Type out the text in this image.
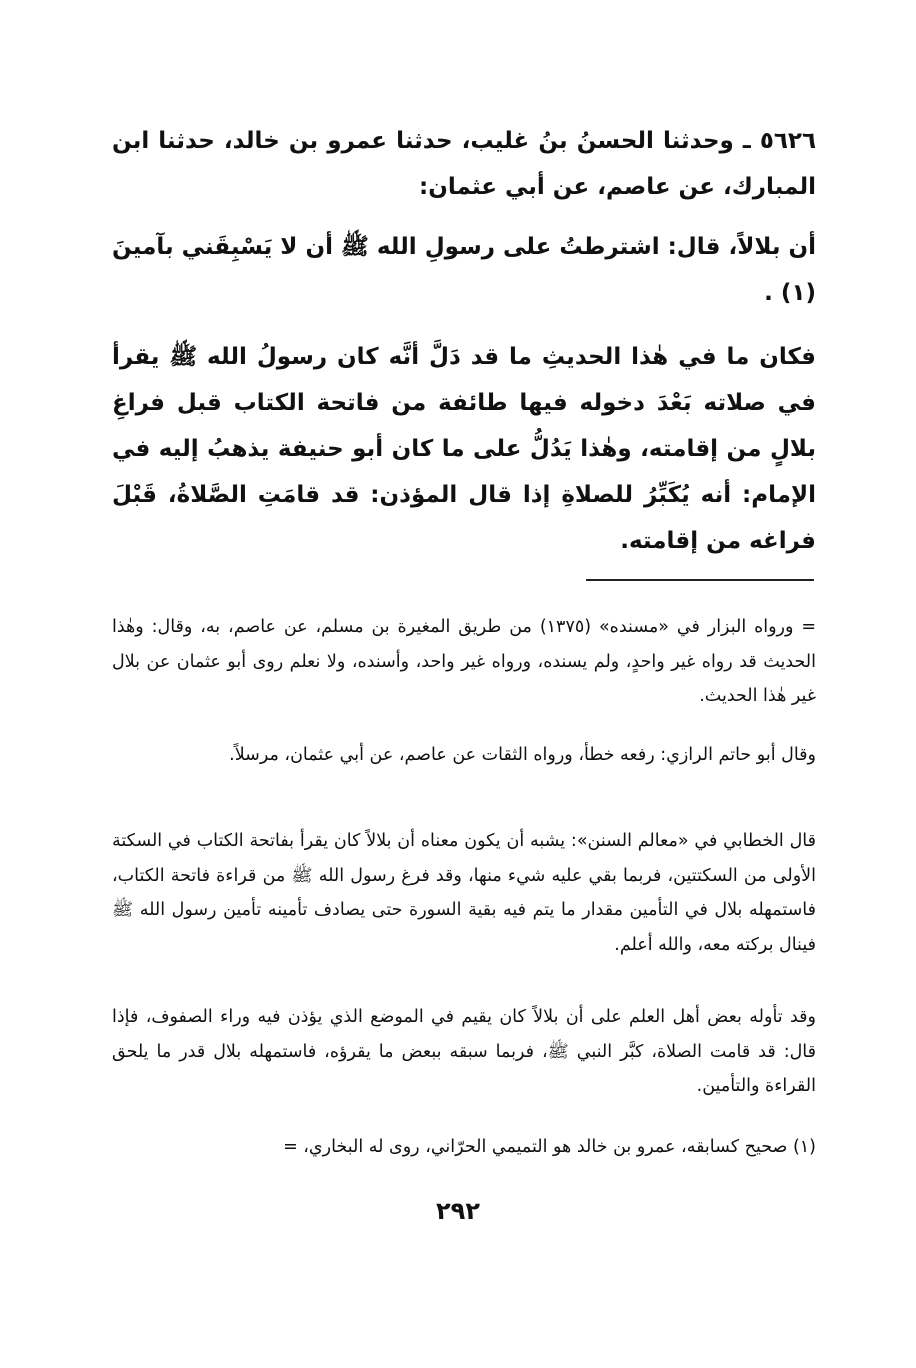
٥٦٢٦ ـ وحدثنا الحسنُ بنُ غليب، حدثنا عمرو بن خالد، حدثنا ابن المبارك، عن عاصم، عن أبي عثمان:

أن بلالاً، قال: اشترطتُ على رسولِ الله ﷺ أن لا يَسْبِقَني بآمينَ (١) .

فكان ما في هٰذا الحديثِ ما قد دَلَّ أنَّه كان رسولُ الله ﷺ يقرأ في صلاته بَعْدَ دخوله فيها طائفة من فاتحة الكتاب قبل فراغِ بلالٍ من إقامته، وهٰذا يَدُلُّ على ما كان أبو حنيفة يذهبُ إليه في الإمام: أنه يُكَبِّرُ للصلاةِ إذا قال المؤذن: قد قامَتِ الصَّلاةُ، قَبْلَ فراغه من إقامته.

= ورواه البزار في «مسنده» (١٣٧٥) من طريق المغيرة بن مسلم، عن عاصم، به، وقال: وهٰذا الحديث قد رواه غير واحدٍ، ولم يسنده، ورواه غير واحد، وأسنده، ولا نعلم روى أبو عثمان عن بلال غير هٰذا الحديث.

وقال أبو حاتم الرازي: رفعه خطأ، ورواه الثقات عن عاصم، عن أبي عثمان، مرسلاً.

قال الخطابي في «معالم السنن»: يشبه أن يكون معناه أن بلالاً كان يقرأ بفاتحة الكتاب في السكتة الأولى من السكتتين، فربما بقي عليه شيء منها، وقد فرغ رسول الله ﷺ من قراءة فاتحة الكتاب، فاستمهله بلال في التأمين مقدار ما يتم فيه بقية السورة حتى يصادف تأمينه تأمين رسول الله ﷺ فينال بركته معه، والله أعلم.

وقد تأوله بعض أهل العلم على أن بلالاً كان يقيم في الموضع الذي يؤذن فيه وراء الصفوف، فإذا قال: قد قامت الصلاة، كبَّر النبي ﷺ، فربما سبقه ببعض ما يقرؤه، فاستمهله بلال قدر ما يلحق القراءة والتأمين.

(١) صحيح كسابقه، عمرو بن خالد هو التميمي الحرّاني، روى له البخاري، =

٢٩٢
